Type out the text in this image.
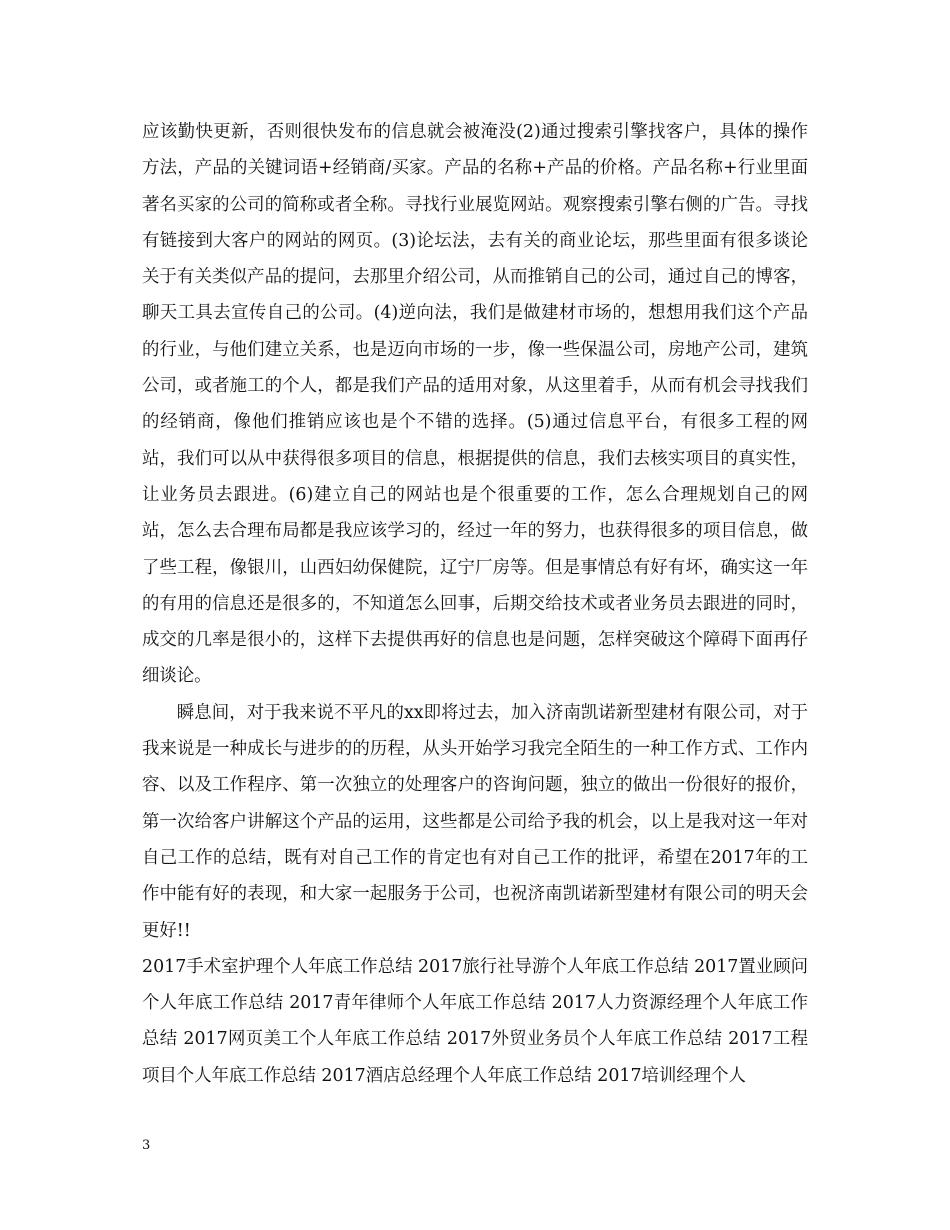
应该勤快更新，否则很快发布的信息就会被淹没(2)通过搜索引擎找客户，具体的操作方法，产品的关键词语+经销商/买家。产品的名称+产品的价格。产品名称+行业里面著名买家的公司的简称或者全称。寻找行业展览网站。观察搜索引擎右侧的广告。寻找有链接到大客户的网站的网页。(3)论坛法，去有关的商业论坛，那些里面有很多谈论关于有关类似产品的提问，去那里介绍公司，从而推销自己的公司，通过自己的博客，聊天工具去宣传自己的公司。(4)逆向法，我们是做建材市场的，想想用我们这个产品的行业，与他们建立关系，也是迈向市场的一步，像一些保温公司，房地产公司，建筑公司，或者施工的个人，都是我们产品的适用对象，从这里着手，从而有机会寻找我们的经销商，像他们推销应该也是个不错的选择。(5)通过信息平台，有很多工程的网站，我们可以从中获得很多项目的信息，根据提供的信息，我们去核实项目的真实性，让业务员去跟进。(6)建立自己的网站也是个很重要的工作，怎么合理规划自己的网站，怎么去合理布局都是我应该学习的，经过一年的努力，也获得很多的项目信息，做了些工程，像银川，山西妇幼保健院，辽宁厂房等。但是事情总有好有坏，确实这一年的有用的信息还是很多的，不知道怎么回事，后期交给技术或者业务员去跟进的同时，成交的几率是很小的，这样下去提供再好的信息也是问题，怎样突破这个障碍下面再仔细谈论。

瞬息间，对于我来说不平凡的xx即将过去，加入济南凯诺新型建材有限公司，对于我来说是一种成长与进步的的历程，从头开始学习我完全陌生的一种工作方式、工作内容、以及工作程序、第一次独立的处理客户的咨询问题，独立的做出一份很好的报价，第一次给客户讲解这个产品的运用，这些都是公司给予我的机会，以上是我对这一年对自己工作的总结，既有对自己工作的肯定也有对自己工作的批评，希望在2017年的工作中能有好的表现，和大家一起服务于公司，也祝济南凯诺新型建材有限公司的明天会更好!!

2017手术室护理个人年底工作总结 2017旅行社导游个人年底工作总结 2017置业顾问个人年底工作总结 2017青年律师个人年底工作总结 2017人力资源经理个人年底工作总结 2017网页美工个人年底工作总结 2017外贸业务员个人年底工作总结 2017工程项目个人年底工作总结 2017酒店总经理个人年底工作总结 2017培训经理个人

3
